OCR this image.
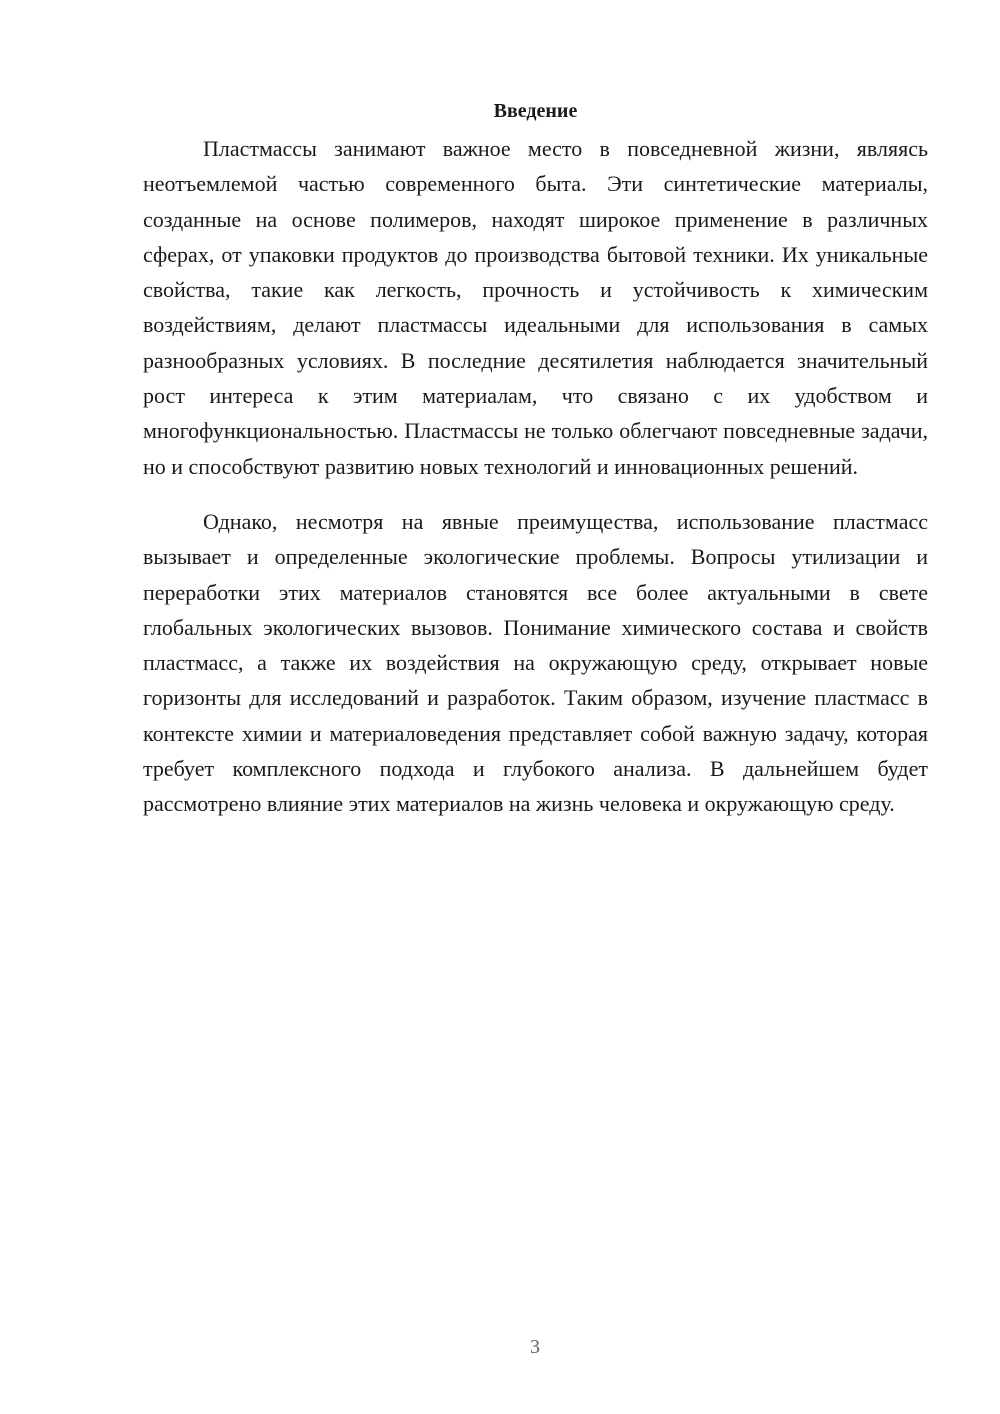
Введение

Пластмассы занимают важное место в повседневной жизни, являясь неотъемлемой частью современного быта. Эти синтетические материалы, созданные на основе полимеров, находят широкое применение в различных сферах, от упаковки продуктов до производства бытовой техники. Их уникальные свойства, такие как легкость, прочность и устойчивость к химическим воздействиям, делают пластмассы идеальными для использования в самых разнообразных условиях. В последние десятилетия наблюдается значительный рост интереса к этим материалам, что связано с их удобством и многофункциональностью. Пластмассы не только облегчают повседневные задачи, но и способствуют развитию новых технологий и инновационных решений.

Однако, несмотря на явные преимущества, использование пластмасс вызывает и определенные экологические проблемы. Вопросы утилизации и переработки этих материалов становятся все более актуальными в свете глобальных экологических вызовов. Понимание химического состава и свойств пластмасс, а также их воздействия на окружающую среду, открывает новые горизонты для исследований и разработок. Таким образом, изучение пластмасс в контексте химии и материаловедения представляет собой важную задачу, которая требует комплексного подхода и глубокого анализа. В дальнейшем будет рассмотрено влияние этих материалов на жизнь человека и окружающую среду.

3
